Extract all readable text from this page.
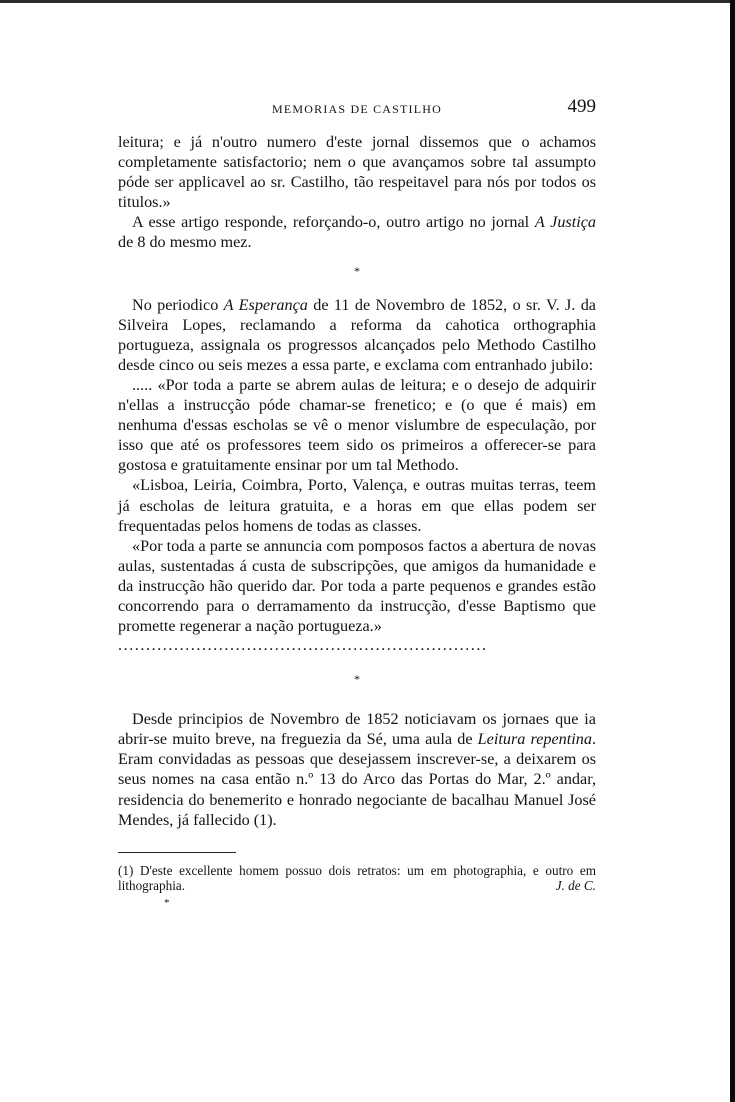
MEMORIAS DE CASTILHO	499

leitura; e já n'outro numero d'este jornal dissemos que o achamos completamente satisfactorio; nem o que avançamos sobre tal assumpto póde ser applicavel ao sr. Castilho, tão respeitavel para nós por todos os titulos.»

A esse artigo responde, reforçando-o, outro artigo no jornal A Justiça de 8 do mesmo mez.

*

No periodico A Esperança de 11 de Novembro de 1852, o sr. V. J. da Silveira Lopes, reclamando a reforma da cahotica orthographia portugueza, assignala os progressos alcançados pelo Methodo Castilho desde cinco ou seis mezes a essa parte, e exclama com entranhado jubilo:

..... «Por toda a parte se abrem aulas de leitura; e o desejo de adquirir n'ellas a instrucção póde chamar-se frenetico; e (o que é mais) em nenhuma d'essas escholas se vê o menor vislumbre de especulação, por isso que até os professores teem sido os primeiros a offerecer-se para gostosa e gratuitamente ensinar por um tal Methodo.

«Lisboa, Leiria, Coimbra, Porto, Valença, e outras muitas terras, teem já escholas de leitura gratuita, e a horas em que ellas podem ser frequentadas pelos homens de todas as classes.

«Por toda a parte se annuncia com pomposos factos a abertura de novas aulas, sustentadas á custa de subscripções, que amigos da humanidade e da instrucção hão querido dar. Por toda a parte pequenos e grandes estão concorrendo para o derramamento da instrucção, d'esse Baptismo que promette regenerar a nação portugueza.»

..................................................................
*

Desde principios de Novembro de 1852 noticiavam os jornaes que ia abrir-se muito breve, na freguezia da Sé, uma aula de Leitura repentina. Eram convidadas as pessoas que desejassem inscrever-se, a deixarem os seus nomes na casa então n.º 13 do Arco das Portas do Mar, 2.º andar, residencia do benemerito e honrado negociante de bacalhau Manuel José Mendes, já fallecido (1).

(1) D'este excellente homem possuo dois retratos: um em photographia, e outro em lithographia.	J. de C.
*
